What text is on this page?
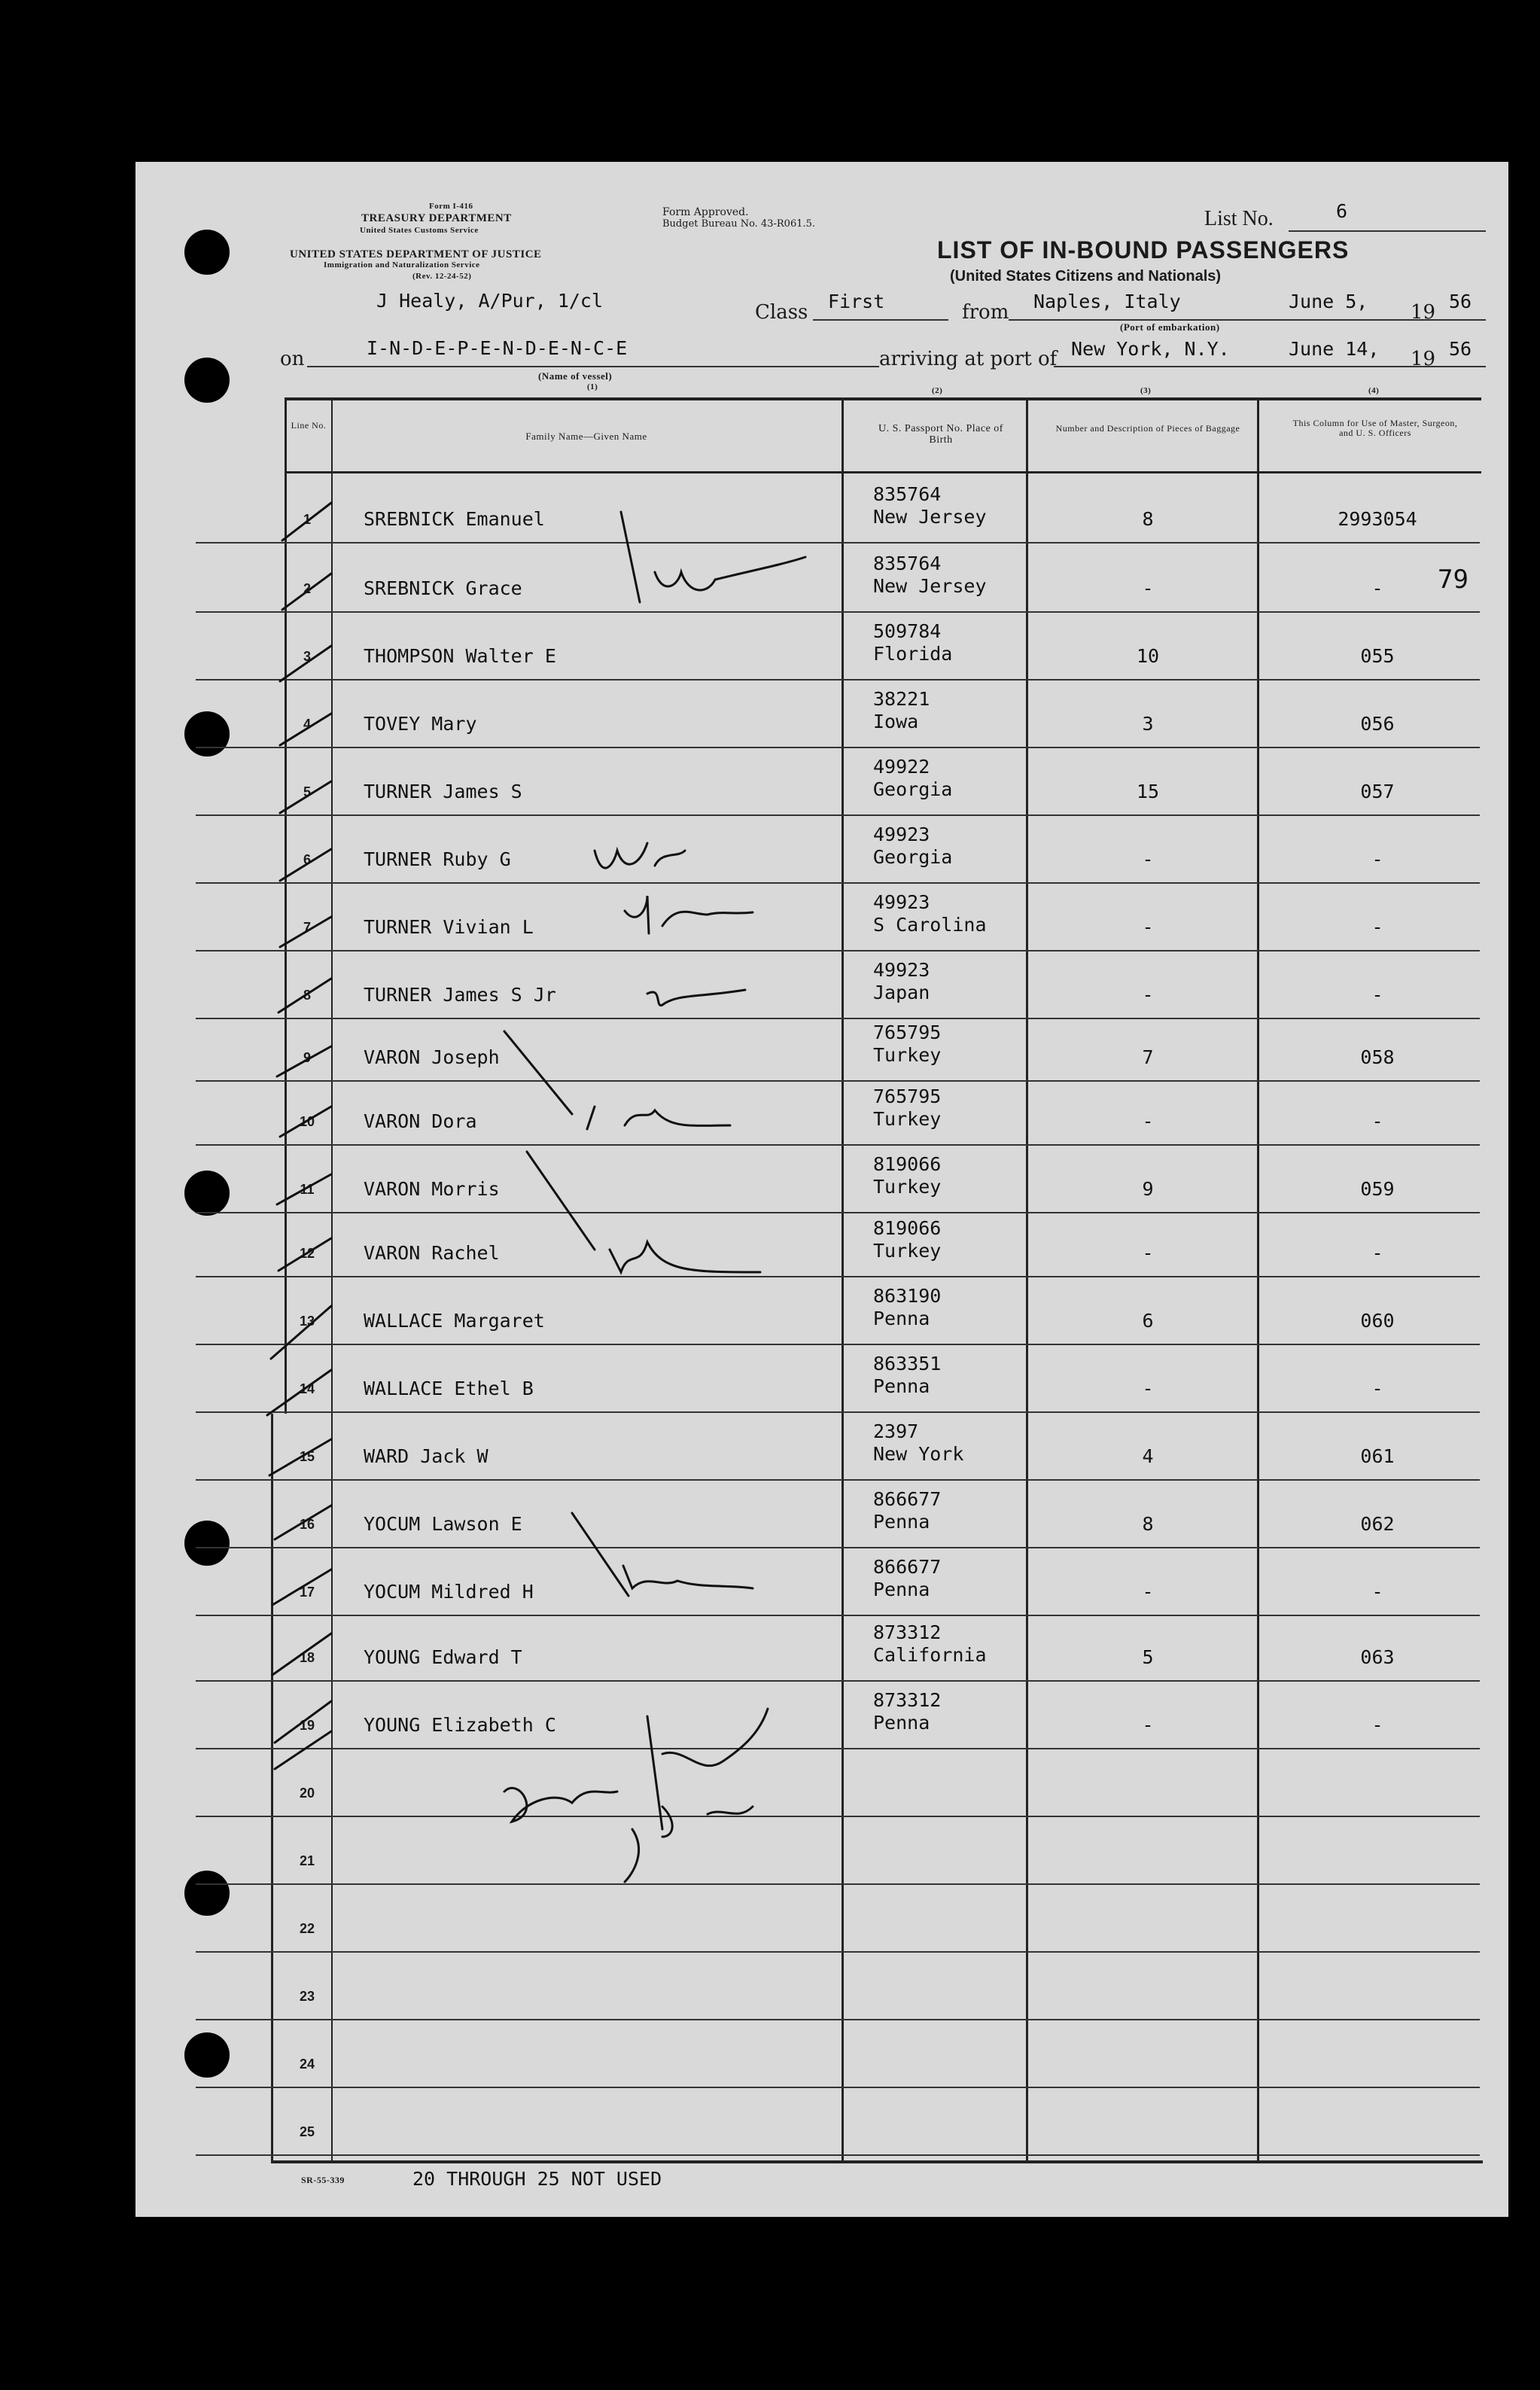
Form I-416
TREASURY DEPARTMENT
United States Customs Service
UNITED STATES DEPARTMENT OF JUSTICE
Immigration and Naturalization Service
(Rev. 12-24-52)
Form Approved.
Budget Bureau No. 43-R061.5.	List No.	6
LIST OF IN-BOUND PASSENGERS
(United States Citizens and Nationals)
J Healy, A/Pur, 1/cl
Class First	from Naples, Italy	June 5, 19 56
(Port of embarkation)
on	I-N-D-E-P-E-N-D-E-N-C-E
(Name of vessel)
arriving at port of New York, N.Y.	June 14, 19 56
(1)	(2)	(3)	(4)
Line No.
Family Name—Given Name
U. S. Passport No. Place of Birth
Number and Description of Pieces of Baggage	This Column for Use of Master, Surgeon, and U. S. Officers
1	SREBNICK Emanuel
835764
New Jersey	8	2993054
2	SREBNICK Grace
835764
New Jersey	-	-
3	THOMPSON Walter E
509784
Florida	10	055
4	TOVEY Mary
38221
Iowa	3	056
5	TURNER James S
49922
Georgia	15	057
6	TURNER Ruby G
49923
Georgia	-	-
7	TURNER Vivian L
49923
S Carolina	-	-
8	TURNER James S Jr
49923
Japan	-	-
9	VARON Joseph
765795
Turkey	7	058
10	VARON Dora
765795
Turkey	-	-
11	VARON Morris
819066
Turkey	9	059
12	VARON Rachel
819066
Turkey	-	-
13	WALLACE Margaret
863190
Penna	6	060
14	WALLACE Ethel B
863351
Penna	-	-
15	WARD Jack W
2397
New York	4	061
16	YOCUM Lawson E
866677
Penna	8	062
17	YOCUM Mildred H
866677
Penna	-	-
18	YOUNG Edward T
873312
California	5	063
19	YOUNG Elizabeth C
873312
Penna	-	-
20
21
22
23
24
25
79
SR-55-339	20 THROUGH 25 NOT USED
